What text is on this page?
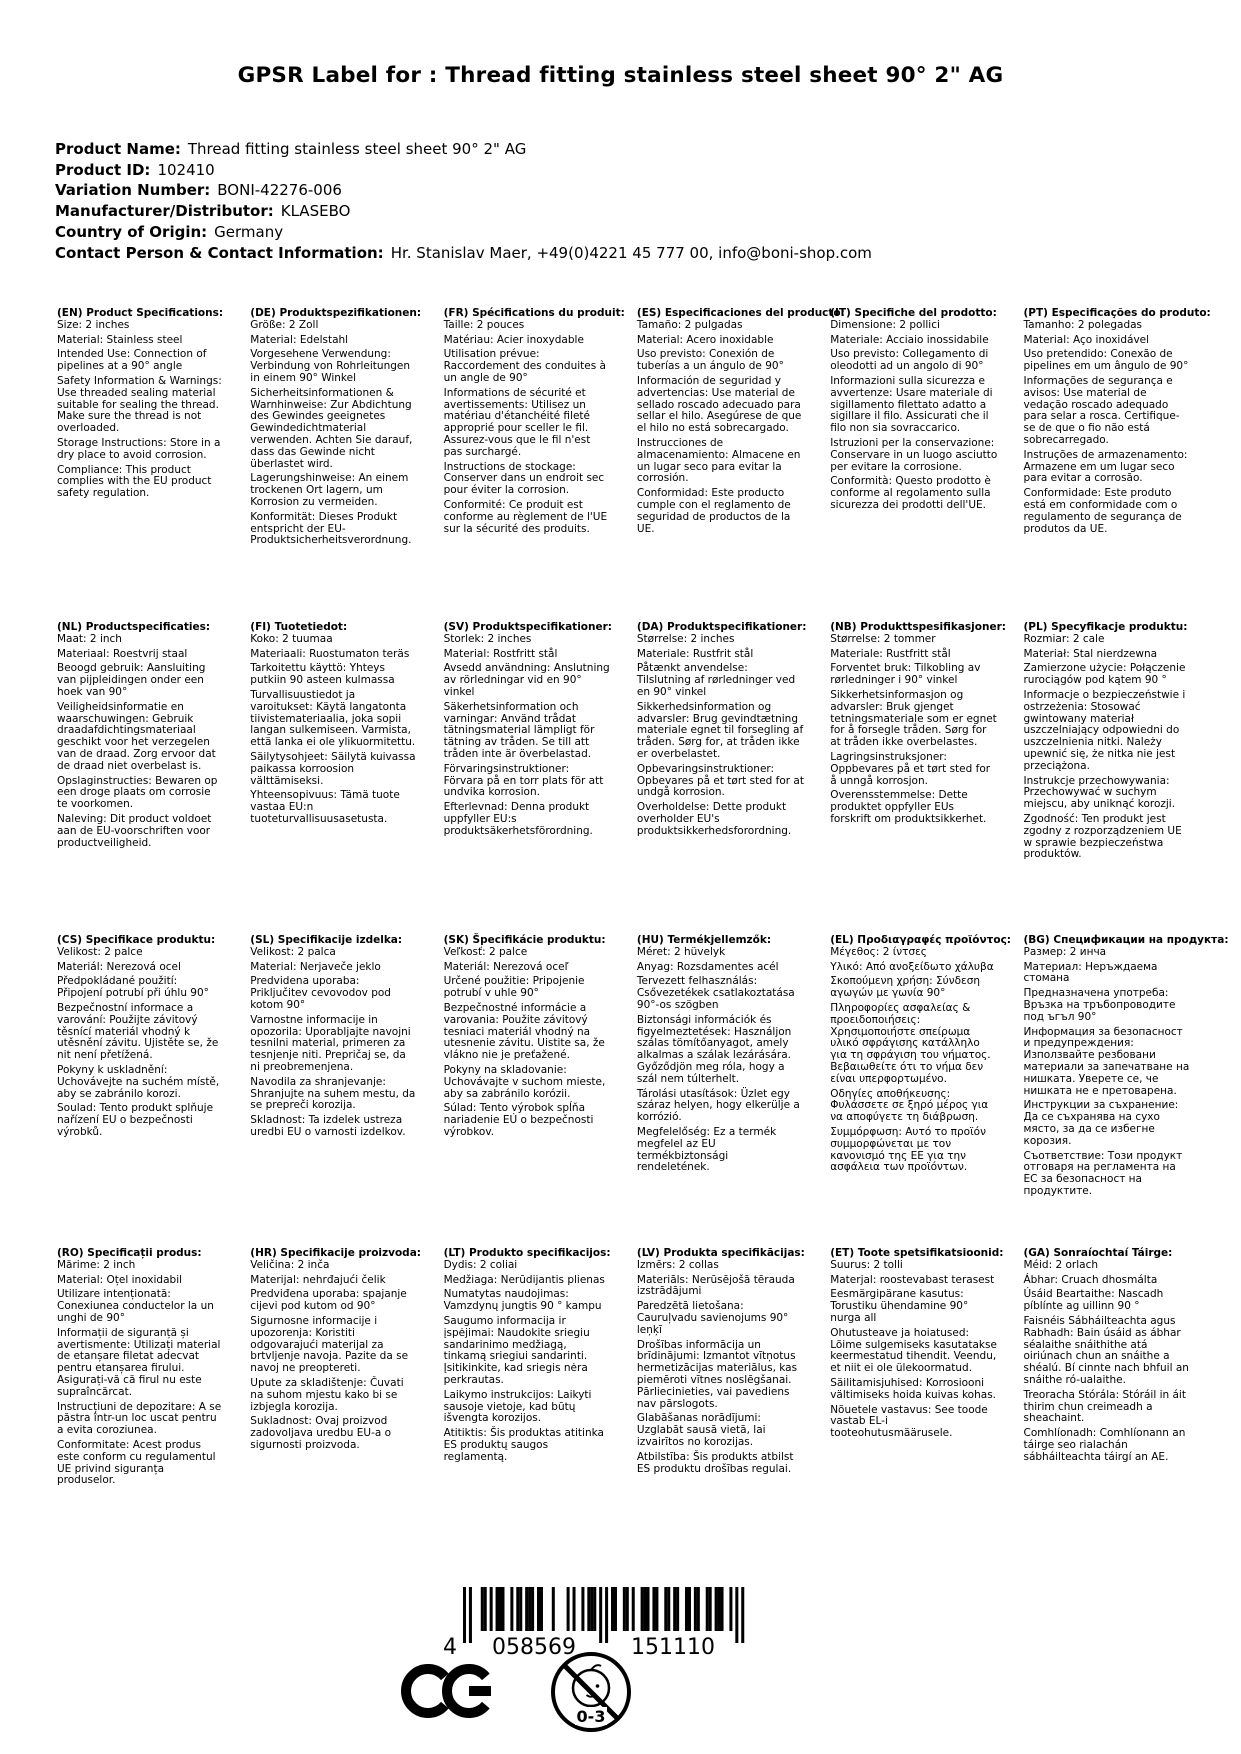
GPSR Label for : Thread fitting stainless steel sheet 90° 2" AG
Product Name: Thread fitting stainless steel sheet 90° 2" AG
Product ID: 102410
Variation Number: BONI-42276-006
Manufacturer/Distributor: KLASEBO
Country of Origin: Germany
Contact Person & Contact Information: Hr. Stanislav Maer, +49(0)4221 45 777 00, info@boni-shop.com
(EN) Product Specifications:
Size: 2 inches
Material: Stainless steel
Intended Use: Connection of pipelines at a 90° angle
Safety Information & Warnings: Use threaded sealing material suitable for sealing the thread. Make sure the thread is not overloaded.
Storage Instructions: Store in a dry place to avoid corrosion.
Compliance: This product complies with the EU product safety regulation.
(DE) Produktspezifikationen:
Größe: 2 Zoll
Material: Edelstahl
Vorgesehene Verwendung: Verbindung von Rohrleitungen in einem 90° Winkel
Sicherheitsinformationen & Warnhinweise: Zur Abdichtung des Gewindes geeignetes Gewindedichtmaterial verwenden. Achten Sie darauf, dass das Gewinde nicht überlastet wird.
Lagerungshinweise: An einem trockenen Ort lagern, um Korrosion zu vermeiden.
Konformität: Dieses Produkt entspricht der EU-Produktsicherheitsverordnung.
(FR) Spécifications du produit:
Taille: 2 pouces
Matériau: Acier inoxydable
Utilisation prévue: Raccordement des conduites à un angle de 90°
Informations de sécurité et avertissements: Utilisez un matériau d'étanchéité fileté approprié pour sceller le fil. Assurez-vous que le fil n'est pas surchargé.
Instructions de stockage: Conserver dans un endroit sec pour éviter la corrosion.
Conformité: Ce produit est conforme au règlement de l'UE sur la sécurité des produits.
(ES) Especificaciones del producto:
Tamaño: 2 pulgadas
Material: Acero inoxidable
Uso previsto: Conexión de tuberías a un ángulo de 90°
Información de seguridad y advertencias: Use material de sellado roscado adecuado para sellar el hilo. Asegúrese de que el hilo no está sobrecargado.
Instrucciones de almacenamiento: Almacene en un lugar seco para evitar la corrosión.
Conformidad: Este producto cumple con el reglamento de seguridad de productos de la UE.
(IT) Specifiche del prodotto:
Dimensione: 2 pollici
Materiale: Acciaio inossidabile
Uso previsto: Collegamento di oleodotti ad un angolo di 90°
Informazioni sulla sicurezza e avvertenze: Usare materiale di sigillamento filettato adatto a sigillare il filo. Assicurati che il filo non sia sovraccarico.
Istruzioni per la conservazione: Conservare in un luogo asciutto per evitare la corrosione.
Conformità: Questo prodotto è conforme al regolamento sulla sicurezza dei prodotti dell'UE.
(PT) Especificações do produto:
Tamanho: 2 polegadas
Material: Aço inoxidável
Uso pretendido: Conexão de pipelines em um ângulo de 90°
Informações de segurança e avisos: Use material de vedação roscado adequado para selar a rosca. Certifique-se de que o fio não está sobrecarregado.
Instruções de armazenamento: Armazene em um lugar seco para evitar a corrosão.
Conformidade: Este produto está em conformidade com o regulamento de segurança de produtos da UE.
(NL) Productspecificaties:
Maat: 2 inch
Materiaal: Roestvrij staal
Beoogd gebruik: Aansluiting van pijpleidingen onder een hoek van 90°
Veiligheidsinformatie en waarschuwingen: Gebruik draadafdichtingsmateriaal geschikt voor het verzegelen van de draad. Zorg ervoor dat de draad niet overbelast is.
Opslaginstructies: Bewaren op een droge plaats om corrosie te voorkomen.
Naleving: Dit product voldoet aan de EU-voorschriften voor productveiligheid.
(FI) Tuotetiedot:
Koko: 2 tuumaa
Materiaali: Ruostumaton teräs
Tarkoitettu käyttö: Yhteys putkiin 90 asteen kulmassa
Turvallisuustiedot ja varoitukset: Käytä langatonta tiivistemateriaalia, joka sopii langan sulkemiseen. Varmista, että lanka ei ole ylikuormitettu.
Säilytysohjeet: Säilytä kuivassa paikassa korroosion välttämiseksi.
Yhteensopivuus: Tämä tuote vastaa EU:n tuoteturvallisuusasetusta.
(SV) Produktspecifikationer:
Storlek: 2 inches
Material: Rostfritt stål
Avsedd användning: Anslutning av rörledningar vid en 90° vinkel
Säkerhetsinformation och varningar: Använd trådat tätningsmaterial lämpligt för tätning av tråden. Se till att tråden inte är överbelastad.
Förvaringsinstruktioner: Förvara på en torr plats för att undvika korrosion.
Efterlevnad: Denna produkt uppfyller EU:s produktsäkerhetsförordning.
(DA) Produktspecifikationer:
Størrelse: 2 inches
Materiale: Rustfrit stål
Påtænkt anvendelse: Tilslutning af rørledninger ved en 90° vinkel
Sikkerhedsinformation og advarsler: Brug gevindtætning materiale egnet til forsegling af tråden. Sørg for, at tråden ikke er overbelastet.
Opbevaringsinstruktioner: Opbevares på et tørt sted for at undgå korrosion.
Overholdelse: Dette produkt overholder EU's produktsikkerhedsforordning.
(NB) Produkttspesifikasjoner:
Størrelse: 2 tommer
Materiale: Rustfritt stål
Forventet bruk: Tilkobling av rørledninger i 90° vinkel
Sikkerhetsinformasjon og advarsler: Bruk gjenget tetningsmateriale som er egnet for å forsegle tråden. Sørg for at tråden ikke overbelastes.
Lagringsinstruksjoner: Oppbevares på et tørt sted for å unngå korrosjon.
Overensstemmelse: Dette produktet oppfyller EUs forskrift om produktsikkerhet.
(PL) Specyfikacje produktu:
Rozmiar: 2 cale
Materiał: Stal nierdzewna
Zamierzone użycie: Połączenie rurociągów pod kątem 90 °
Informacje o bezpieczeństwie i ostrzeżenia: Stosować gwintowany materiał uszczelniający odpowiedni do uszczelnienia nitki. Należy upewnić się, że nitka nie jest przeciążona.
Instrukcje przechowywania: Przechowywać w suchym miejscu, aby uniknąć korozji.
Zgodność: Ten produkt jest zgodny z rozporządzeniem UE w sprawie bezpieczeństwa produktów.
(CS) Specifikace produktu:
Velikost: 2 palce
Materiál: Nerezová ocel
Předpokládané použití: Připojení potrubí při úhlu 90°
Bezpečnostní informace a varování: Použijte závitový těsnící materiál vhodný k utěsnění závitu. Ujistěte se, že nit není přetížená.
Pokyny k uskladnění: Uchovávejte na suchém místě, aby se zabránilo korozi.
Soulad: Tento produkt splňuje nařízení EU o bezpečnosti výrobků.
(SL) Specifikacije izdelka:
Velikost: 2 palca
Material: Nerjaveče jeklo
Predvidena uporaba: Priključitev cevovodov pod kotom 90°
Varnostne informacije in opozorila: Uporabljajte navojni tesnilni material, primeren za tesnjenje niti. Prepričaj se, da ni preobremenjena.
Navodila za shranjevanje: Shranjujte na suhem mestu, da se prepreči korozija.
Skladnost: Ta izdelek ustreza uredbi EU o varnosti izdelkov.
(SK) Špecifikácie produktu:
Veľkosť: 2 palce
Materiál: Nerezová oceľ
Určené použitie: Pripojenie potrubí v uhle 90°
Bezpečnostné informácie a varovania: Použite závitový tesniaci materiál vhodný na utesnenie závitu. Uistite sa, že vlákno nie je preťažené.
Pokyny na skladovanie: Uchovávajte v suchom mieste, aby sa zabránilo korózii.
Súlad: Tento výrobok spĺňa nariadenie EÚ o bezpečnosti výrobkov.
(HU) Termékjellemzők:
Méret: 2 hüvelyk
Anyag: Rozsdamentes acél
Tervezett felhasználás: Csővezetékek csatlakoztatása 90°-os szögben
Biztonsági információk és figyelmeztetések: Használjon szálas tömítőanyagot, amely alkalmas a szálak lezárására. Győződjön meg róla, hogy a szál nem túlterhelt.
Tárolási utasítások: Üzlet egy száraz helyen, hogy elkerülje a korrózió.
Megfelelőség: Ez a termék megfelel az EU termékbiztonsági rendeletének.
(EL) Προδιαγραφές προϊόντος:
Μέγεθος: 2 ίντσες
Υλικό: Από ανοξείδωτο χάλυβα
Σκοπούμενη χρήση: Σύνδεση αγωγών με γωνία 90°
Πληροφορίες ασφαλείας & προειδοποιήσεις: Χρησιμοποιήστε σπείρωμα υλικό σφράγισης κατάλληλο για τη σφράγιση του νήματος. Βεβαιωθείτε ότι το νήμα δεν είναι υπερφορτωμένο.
Οδηγίες αποθήκευσης: Φυλάσσετε σε ξηρό μέρος για να αποφύγετε τη διάβρωση.
Συμμόρφωση: Αυτό το προϊόν συμμορφώνεται με τον κανονισμό της ΕΕ για την ασφάλεια των προϊόντων.
(BG) Спецификации на продукта:
Размер: 2 инча
Материал: Неръждаема стомана
Предназначена употреба: Връзка на тръбопроводите под ъгъл 90°
Информация за безопасност и предупреждения: Използвайте резбовани материали за запечатване на нишката. Уверете се, че нишката не е претоварена.
Инструкции за съхранение: Да се съхранява на сухо място, за да се избегне корозия.
Съответствие: Този продукт отговаря на регламента на ЕС за безопасност на продуктите.
(RO) Specificații produs:
Mărime: 2 inch
Material: Oțel inoxidabil
Utilizare intenționată: Conexiunea conductelor la un unghi de 90°
Informații de siguranță și avertismente: Utilizați material de etanșare filetat adecvat pentru etanșarea firului. Asigurați-vă că firul nu este supraîncărcat.
Instrucțiuni de depozitare: A se păstra într-un loc uscat pentru a evita coroziunea.
Conformitate: Acest produs este conform cu regulamentul UE privind siguranța produselor.
(HR) Specifikacije proizvoda:
Veličina: 2 inča
Materijal: nehrđajući čelik
Predviđena uporaba: spajanje cijevi pod kutom od 90°
Sigurnosne informacije i upozorenja: Koristiti odgovarajući materijal za brtvljenje navoja. Pazite da se navoj ne preoptereti.
Upute za skladištenje: Čuvati na suhom mjestu kako bi se izbjegla korozija.
Sukladnost: Ovaj proizvod zadovoljava uredbu EU-a o sigurnosti proizvoda.
(LT) Produkto specifikacijos:
Dydis: 2 coliai
Medžiaga: Nerūdijantis plienas
Numatytas naudojimas: Vamzdynų jungtis 90 ° kampu
Saugumo informacija ir įspėjimai: Naudokite sriegiu sandarinimo medžiagą, tinkamą sriegiui sandarinti. Įsitikinkite, kad sriegis nėra perkrautas.
Laikymo instrukcijos: Laikyti sausoje vietoje, kad būtų išvengta korozijos.
Atitiktis: Šis produktas atitinka ES produktų saugos reglamentą.
(LV) Produkta specifikācijas:
Izmērs: 2 collas
Materiāls: Nerūsējošā tērauda izstrādājumi
Paredzētā lietošana: Cauruļvadu savienojums 90° leņķī
Drošības informācija un brīdinājumi: Izmantot vītņotus hermetizācijas materiālus, kas piemēroti vītnes noslēgšanai. Pārliecinieties, vai pavediens nav pārslogots.
Glabāšanas norādījumi: Uzglabāt sausā vietā, lai izvairītos no korozijas.
Atbilstība: Šis produkts atbilst ES produktu drošības regulai.
(ET) Toote spetsifikatsioonid:
Suurus: 2 tolli
Materjal: roostevabast terasest
Eesmärgipärane kasutus: Torustiku ühendamine 90° nurga all
Ohutusteave ja hoiatused: Lõime sulgemiseks kasutatakse keermestatud tihendit. Veendu, et niit ei ole ülekoormatud.
Säilitamisjuhised: Korrosiooni vältimiseks hoida kuivas kohas.
Nõuetele vastavus: See toode vastab EL-i tooteohutusmäärusele.
(GA) Sonraíochtaí Táirge:
Méid: 2 orlach
Ábhar: Cruach dhosmálta
Úsáid Beartaithe: Nascadh píblínte ag uillinn 90 °
Faisnéis Sábháilteachta agus Rabhadh: Bain úsáid as ábhar séalaithe snáithithe atá oiriúnach chun an snáithe a shéalú. Bí cinnte nach bhfuil an snáithe ró-ualaithe.
Treoracha Stórála: Stóráil in áit thirim chun creimeadh a sheachaint.
Comhlíonadh: Comhlíonann an táirge seo rialachán sábháilteachta táirgí an AE.
4 058569	151110
0-3
